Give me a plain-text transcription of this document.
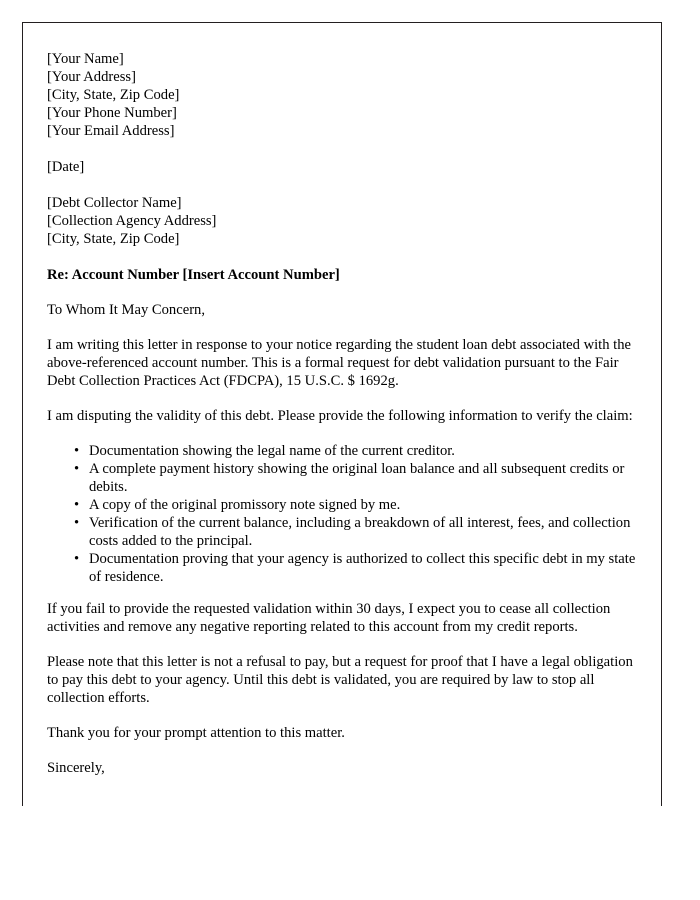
[Your Name]
[Your Address]
[City, State, Zip Code]
[Your Phone Number]
[Your Email Address]
[Date]
[Debt Collector Name]
[Collection Agency Address]
[City, State, Zip Code]
Re: Account Number [Insert Account Number]
To Whom It May Concern,

I am writing this letter in response to your notice regarding the student loan debt associated with the above-referenced account number. This is a formal request for debt validation pursuant to the Fair Debt Collection Practices Act (FDCPA), 15 U.S.C. $ 1692g.

I am disputing the validity of this debt. Please provide the following information to verify the claim:

• Documentation showing the legal name of the current creditor.
• A complete payment history showing the original loan balance and all subsequent credits or debits.
• A copy of the original promissory note signed by me.
• Verification of the current balance, including a breakdown of all interest, fees, and collection costs added to the principal.
• Documentation proving that your agency is authorized to collect this specific debt in my state of residence.

If you fail to provide the requested validation within 30 days, I expect you to cease all collection activities and remove any negative reporting related to this account from my credit reports.

Please note that this letter is not a refusal to pay, but a request for proof that I have a legal obligation to pay this debt to your agency. Until this debt is validated, you are required by law to stop all collection efforts.

Thank you for your prompt attention to this matter.

Sincerely,
